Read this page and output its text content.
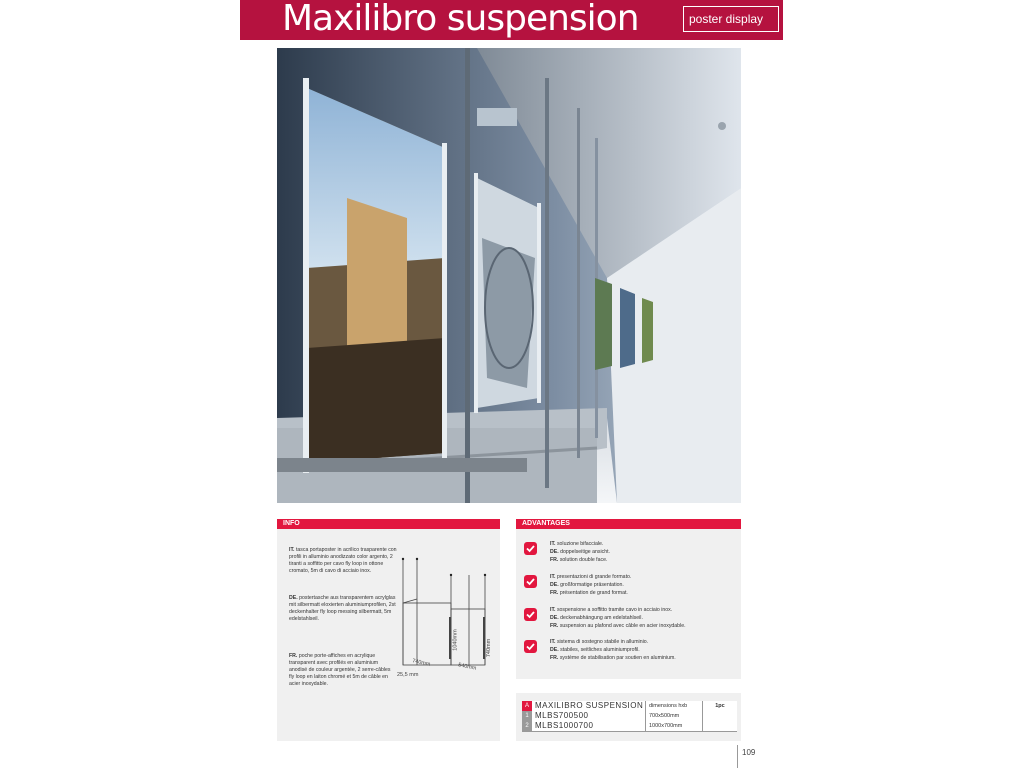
Maxilibro suspension	poster display
INFO
IT. tasca portaposter in acrilico trasparente con profili in alluminio anodizzato color argento, 2 tiranti a soffitto per cavo fly loop in ottone cromato, 5m di cavo di acciaio inox.
DE. postertasche aus transparentem acrylglas mit silbermatt eloxierten aluminiumprofilen, 2st deckenhalter fly loop messing silbermatt, 5m edelstahlseil.
FR. poche porte-affiches en acrylique transparent avec profilés en aluminium anodisé de couleur argentée, 2 serre-câbles fly loop en laiton chromé et 5m de câble en acier inoxydable.
740mm
1040mm
540mm
740mm
25,5 mm
ADVANTAGES
IT. soluzione bifacciale.
DE. doppelseitige ansicht.
FR. solution double face.
IT. presentazioni di grande formato.
DE. großformatige präsentation.
FR. présentation de grand format.
IT. sospensione a soffitto tramite cavo in acciaio inox.
DE. deckenabhängung am edelstahlseil.
FR. suspension au plafond avec câble en acier inoxydable.
IT. sistema di sostegno stabile in alluminio.
DE. stabiles, seitliches aluminiumprofil.
FR. système de stabilisation par soutien en aluminium.
A MAXILIBRO SUSPENSION	dimensions hxb	1pc
1 MLBS700500	700x500mm
2 MLBS1000700	1000x700mm
109
